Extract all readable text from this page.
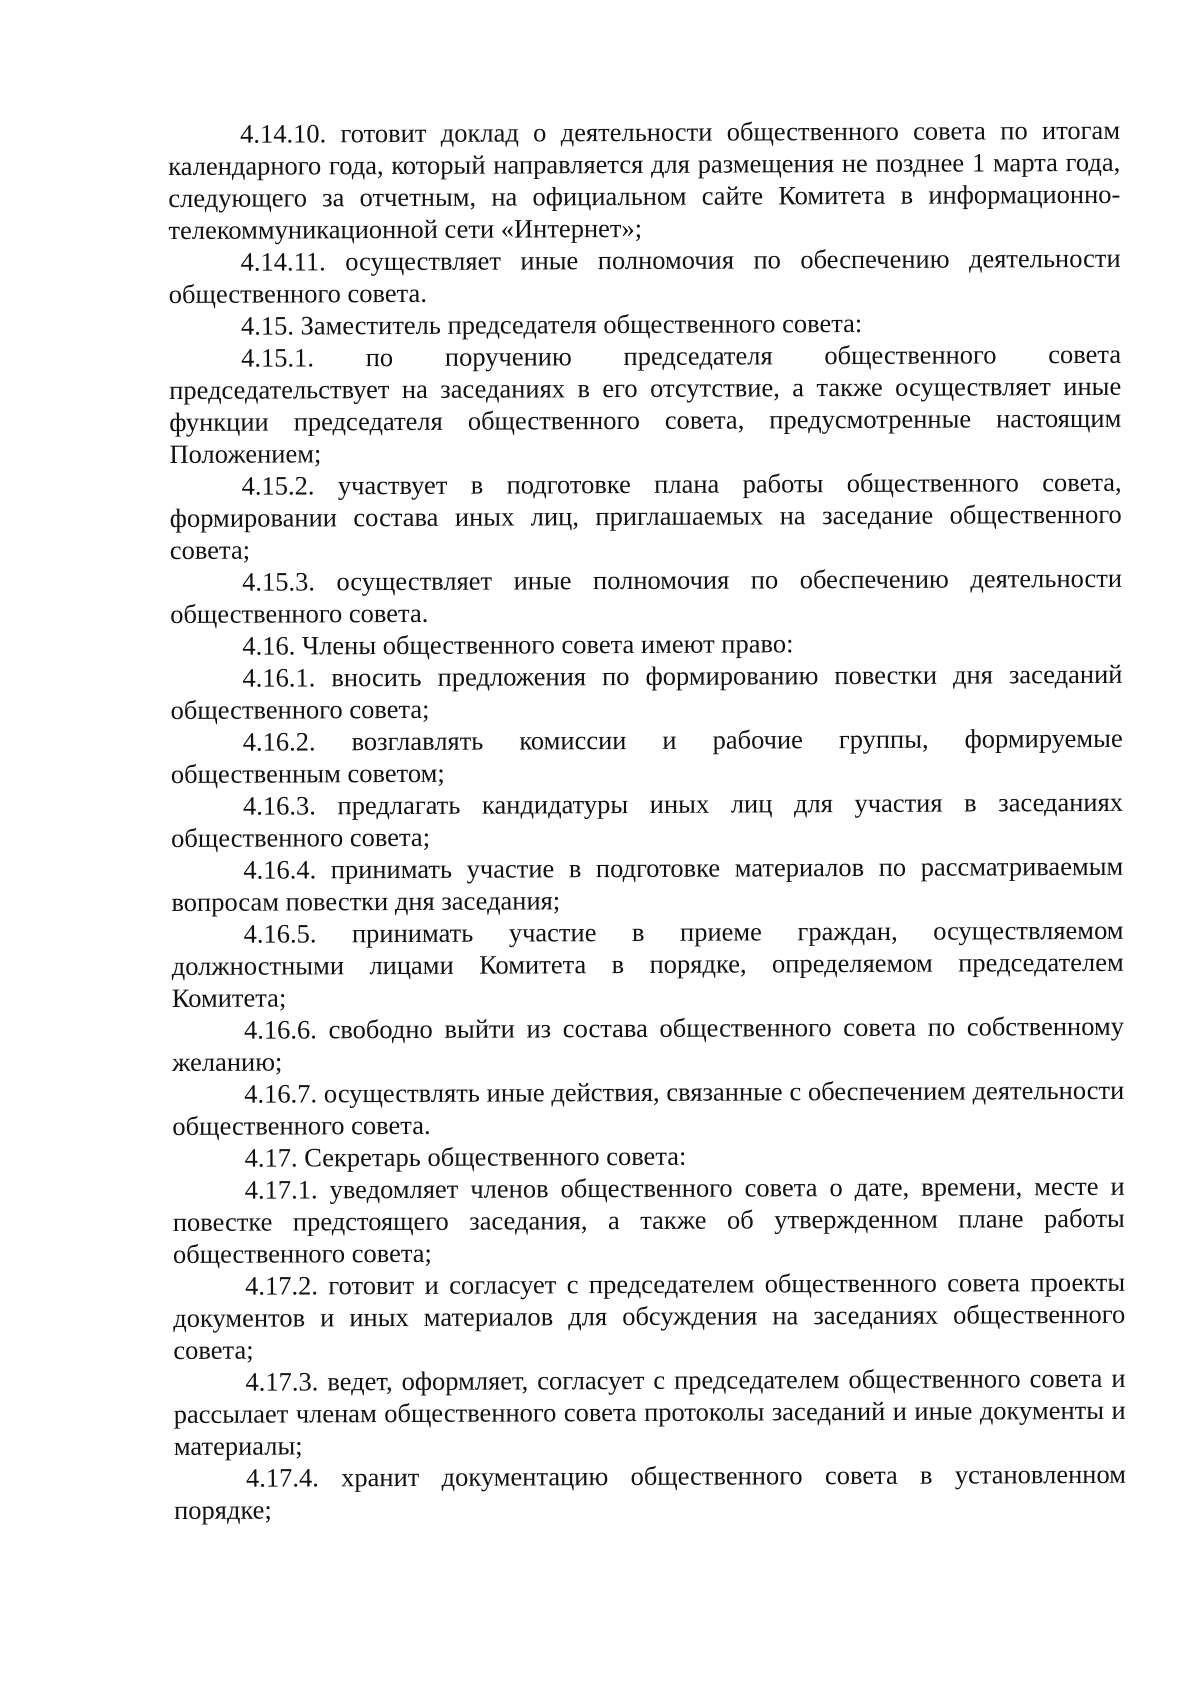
4.14.10. готовит доклад о деятельности общественного совета по итогам календарного года, который направляется для размещения не позднее 1 марта года, следующего за отчетным, на официальном сайте Комитета в информационно-телекоммуникационной сети «Интернет»;

4.14.11. осуществляет иные полномочия по обеспечению деятельности общественного совета.

4.15. Заместитель председателя общественного совета:

4.15.1. по поручению председателя общественного совета председательствует на заседаниях в его отсутствие, а также осуществляет иные функции председателя общественного совета, предусмотренные настоящим Положением;

4.15.2. участвует в подготовке плана работы общественного совета, формировании состава иных лиц, приглашаемых на заседание общественного совета;

4.15.3. осуществляет иные полномочия по обеспечению деятельности общественного совета.

4.16. Члены общественного совета имеют право:

4.16.1. вносить предложения по формированию повестки дня заседаний общественного совета;

4.16.2. возглавлять комиссии и рабочие группы, формируемые общественным советом;

4.16.3. предлагать кандидатуры иных лиц для участия в заседаниях общественного совета;

4.16.4. принимать участие в подготовке материалов по рассматриваемым вопросам повестки дня заседания;

4.16.5. принимать участие в приеме граждан, осуществляемом должностными лицами Комитета в порядке, определяемом председателем Комитета;

4.16.6. свободно выйти из состава общественного совета по собственному желанию;

4.16.7. осуществлять иные действия, связанные с обеспечением деятельности общественного совета.

4.17. Секретарь общественного совета:

4.17.1. уведомляет членов общественного совета о дате, времени, месте и повестке предстоящего заседания, а также об утвержденном плане работы общественного совета;

4.17.2. готовит и согласует с председателем общественного совета проекты документов и иных материалов для обсуждения на заседаниях общественного совета;

4.17.3. ведет, оформляет, согласует с председателем общественного совета и рассылает членам общественного совета протоколы заседаний и иные документы и материалы;

4.17.4. хранит документацию общественного совета в установленном порядке;
